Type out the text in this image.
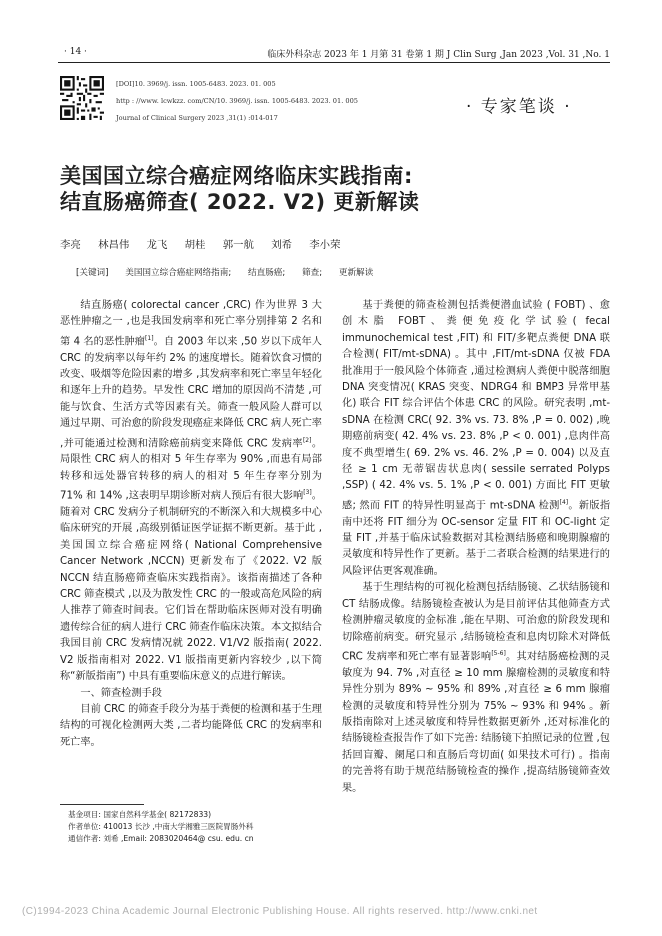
· 14 ·	临床外科杂志 2023 年 1 月第 31 卷第 1 期 J Clin Surg ,Jan 2023 ,Vol. 31 ,No. 1
[DOI]10. 3969/j. issn. 1005-6483. 2023. 01. 005
http : //www. lcwkzz. com/CN/10. 3969/j. issn. 1005-6483. 2023. 01. 005
Journal of Clinical Surgery 2023 ,31(1) :014-017
· 专家笔谈 ·
美国国立综合癌症网络临床实践指南:
结直肠癌筛查( 2022. V2) 更新解读
李亮 林昌伟 龙飞 胡桂 郭一航 刘希 李小荣
[关键词] 美国国立综合癌症网络指南; 结直肠癌; 筛查; 更新解读

结直肠癌( colorectal cancer ,CRC) 作为世界 3 大恶性肿瘤之一 ,也是我国发病率和死亡率分别排第 2 名和第 4 名的恶性肿瘤[1]。自 2003 年以来 ,50 岁以下成年人 CRC 的发病率以每年约 2% 的速度增长。随着饮食习惯的改变、吸烟等危险因素的增多 ,其发病率和死亡率呈年轻化和逐年上升的趋势。早发性 CRC 增加的原因尚不清楚 ,可能与饮食、生活方式等因素有关。筛查一般风险人群可以通过早期、可治愈的阶段发现癌症来降低 CRC 病人死亡率 ,并可能通过检测和清除癌前病变来降低 CRC 发病率[2]。局限性 CRC 病人的相对 5 年生存率为 90% ,而患有局部转移和远处器官转移的病人的相对 5 年生存率分别为 71% 和 14% ,这表明早期诊断对病人预后有很大影响[3]。随着对 CRC 发病分子机制研究的不断深入和大规模多中心临床研究的开展 ,高级别循证医学证据不断更新。基于此 ,美国国立综合癌症网络( National Comprehensive Cancer Network ,NCCN) 更新发布了《2022. V2 版 NCCN 结直肠癌筛查临床实践指南》。该指南描述了各种 CRC 筛查模式 ,以及为散发性 CRC 的一般或高危风险的病人推荐了筛查时间表。它们旨在帮助临床医师对没有明确遗传综合征的病人进行 CRC 筛查作临床决策。本文拟结合我国目前 CRC 发病情况就 2022. V1/V2 版指南( 2022. V2 版指南相对 2022. V1 版指南更新内容较少 ,以下简称“新版指南”) 中具有重要临床意义的点进行解读。

一、筛查检测手段

目前 CRC 的筛查手段分为基于粪便的检测和基于生理结构的可视化检测两大类 ,二者均能降低 CRC 的发病率和死亡率。

基于粪便的筛查检测包括粪便潜血试验 ( FOBT) 、愈创木脂 FOBT、粪便免疫化学试验( fecal immunochemical test ,FIT) 和 FIT/多靶点粪便 DNA 联合检测( FIT/mt-sDNA) 。其中 ,FIT/mt-sDNA 仅被 FDA 批准用于一般风险个体筛查 ,通过检测病人粪便中脱落细胞 DNA 突变情况( KRAS 突变、NDRG4 和 BMP3 异常甲基化) 联合 FIT 综合评估个体患 CRC 的风险。研究表明 ,mt-sDNA 在检测 CRC( 92. 3% vs. 73. 8% ,P = 0. 002) ,晚期癌前病变( 42. 4% vs. 23. 8% ,P < 0. 001) ,息肉伴高度不典型增生( 69. 2% vs. 46. 2% ,P = 0. 004) 以及直径 ≥ 1 cm 无蒂锯齿状息肉( sessile serrated Polyps ,SSP) ( 42. 4% vs. 5. 1% ,P < 0. 001) 方面比 FIT 更敏感; 然而 FIT 的特异性明显高于 mt-sDNA 检测[4]。新版指南中还将 FIT 细分为 OC-sensor 定量 FIT 和 OC-light 定量 FIT ,并基于临床试验数据对其检测结肠癌和晚期腺瘤的灵敏度和特异性作了更新。基于二者联合检测的结果进行的风险评估更客观准确。

基于生理结构的可视化检测包括结肠镜、乙状结肠镜和 CT 结肠成像。结肠镜检查被认为是目前评估其他筛查方式检测肿瘤灵敏度的金标准 ,能在早期、可治愈的阶段发现和切除癌前病变。研究显示 ,结肠镜检查和息肉切除术对降低 CRC 发病率和死亡率有显著影响[5-6]。其对结肠癌检测的灵敏度为 94. 7% ,对直径 ≥ 10 mm 腺瘤检测的灵敏度和特异性分别为 89% ~ 95% 和 89% ,对直径 ≥ 6 mm 腺瘤检测的灵敏度和特异性分别为 75% ~ 93% 和 94% 。新版指南除对上述灵敏度和特异性数据更新外 ,还对标准化的结肠镜检查报告作了如下完善: 结肠镜下拍照记录的位置 ,包括回盲瓣、阑尾口和直肠后弯切面( 如果技术可行) 。指南的完善将有助于规范结肠镜检查的操作 ,提高结肠镜筛查效果。

基金项目: 国家自然科学基金( 82172833)
作者单位: 410013 长沙 ,中南大学湘雅三医院胃肠外科
通信作者: 刘希 ,Email: 2083020464@ csu. edu. cn
(C)1994-2023 China Academic Journal Electronic Publishing House. All rights reserved. http://www.cnki.net
